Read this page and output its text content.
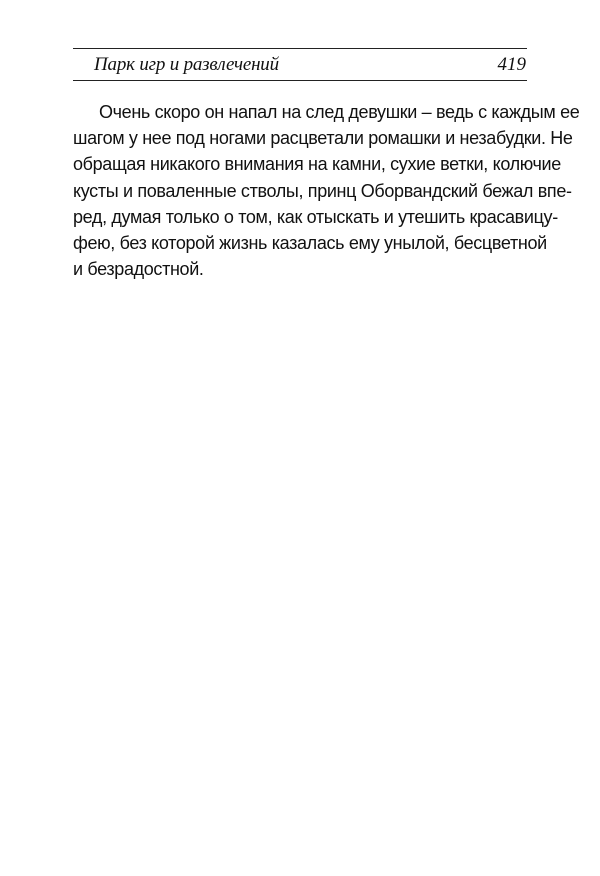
Парк игр и развлечений	419
Очень скоро он напал на след девушки – ведь с каждым ее
шагом у нее под ногами расцветали ромашки и незабудки. Не
обращая никакого внимания на камни, сухие ветки, колючие
кусты и поваленные стволы, принц Оборвандский бежал впе-
ред, думая только о том, как отыскать и утешить красавицу-
фею, без которой жизнь казалась ему унылой, бесцветной
и безрадостной.
